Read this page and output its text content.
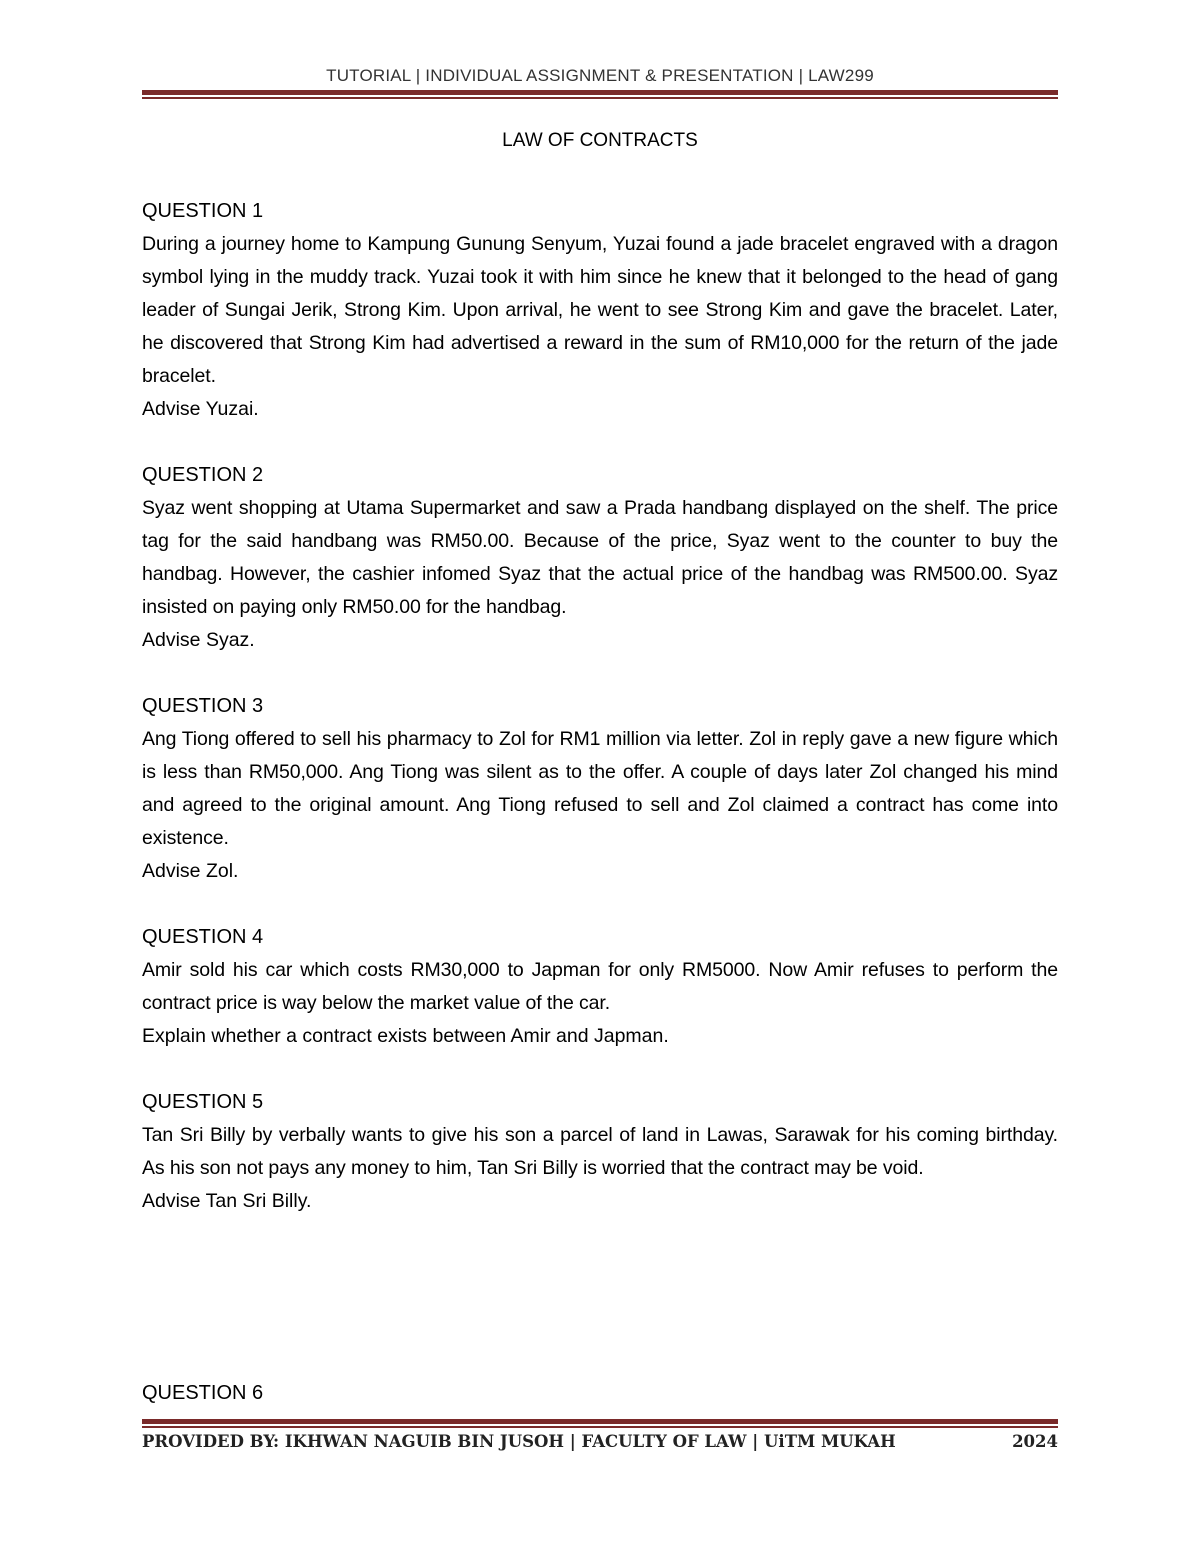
TUTORIAL | INDIVIDUAL ASSIGNMENT & PRESENTATION | LAW299
LAW OF CONTRACTS
QUESTION 1
During a journey home to Kampung Gunung Senyum, Yuzai found a jade bracelet engraved with a dragon symbol lying in the muddy track. Yuzai took it with him since he knew that it belonged to the head of gang leader of Sungai Jerik, Strong Kim. Upon arrival, he went to see Strong Kim and gave the bracelet. Later, he discovered that Strong Kim had advertised a reward in the sum of RM10,000 for the return of the jade bracelet.
Advise Yuzai.
QUESTION 2
Syaz went shopping at Utama Supermarket and saw a Prada handbang displayed on the shelf. The price tag for the said handbang was RM50.00. Because of the price, Syaz went to the counter to buy the handbag. However, the cashier infomed Syaz that the actual price of the handbag was RM500.00. Syaz insisted on paying only RM50.00 for the handbag.
Advise Syaz.
QUESTION 3
Ang Tiong offered to sell his pharmacy to Zol for RM1 million via letter. Zol in reply gave a new figure which is less than RM50,000. Ang Tiong was silent as to the offer. A couple of days later Zol changed his mind and agreed to the original amount. Ang Tiong refused to sell and Zol claimed a contract has come into existence.
Advise Zol.
QUESTION 4
Amir sold his car which costs RM30,000 to Japman for only RM5000. Now Amir refuses to perform the contract price is way below the market value of the car.
Explain whether a contract exists between Amir and Japman.
QUESTION 5
Tan Sri Billy by verbally wants to give his son a parcel of land in Lawas, Sarawak for his coming birthday. As his son not pays any money to him, Tan Sri Billy is worried that the contract may be void.
Advise Tan Sri Billy.
QUESTION 6
PROVIDED BY: IKHWAN NAGUIB BIN JUSOH | FACULTY OF LAW | UiTM MUKAH	2024
